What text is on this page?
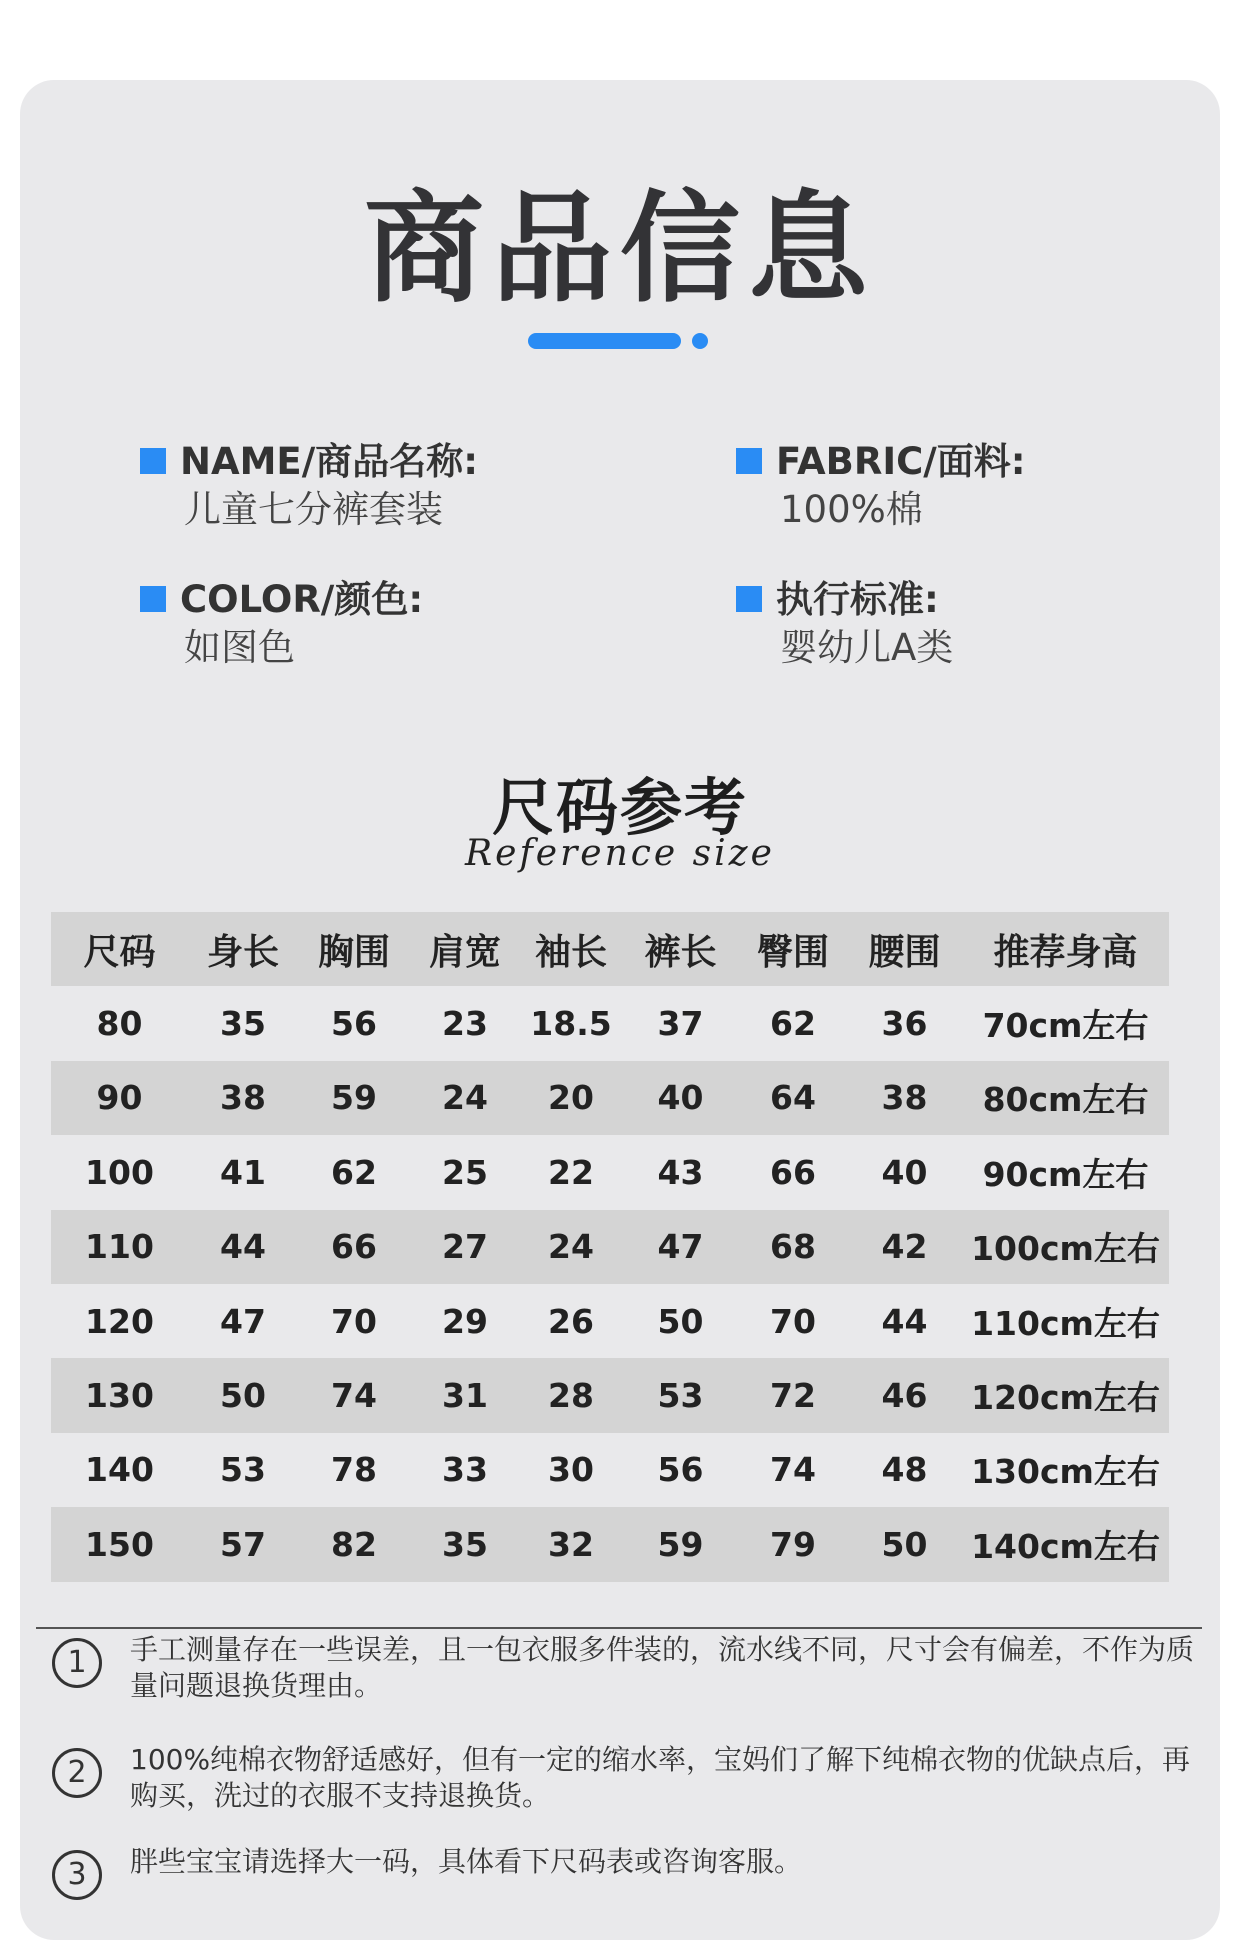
商品信息
NAME/商品名称:
儿童七分裤套装
FABRIC/面料:
100%棉
COLOR/颜色:
如图色
执行标准:
婴幼儿A类
尺码参考
Reference size
尺码	身长	胸围	肩宽	袖长	裤长	臀围	腰围	推荐身高
80	35	56	23	18.5	37	62	36	70cm左右
90	38	59	24	20	40	64	38	80cm左右
100	41	62	25	22	43	66	40	90cm左右
110	44	66	27	24	47	68	42	100cm左右
120	47	70	29	26	50	70	44	110cm左右
130	50	74	31	28	53	72	46	120cm左右
140	53	78	33	30	56	74	48	130cm左右
150	57	82	35	32	59	79	50	140cm左右
1	手工测量存在一些误差，且一包衣服多件装的，流水线不同，尺寸会有偏差，不作为质量问题退换货理由。
2	100%纯棉衣物舒适感好，但有一定的缩水率，宝妈们了解下纯棉衣物的优缺点后，再购买，洗过的衣服不支持退换货。
3	胖些宝宝请选择大一码，具体看下尺码表或咨询客服。
